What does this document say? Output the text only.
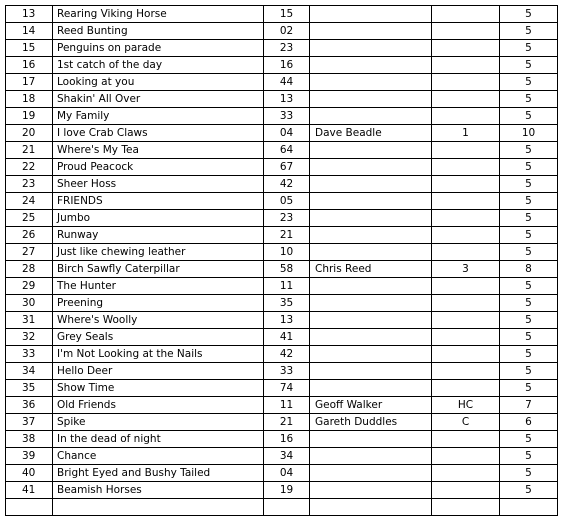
13	Rearing Viking Horse	15			5
14	Reed Bunting	02			5
15	Penguins on parade	23			5
16	1st catch of the day	16			5
17	Looking at you	44			5
18	Shakin' All Over	13			5
19	My Family	33			5
20	I love Crab Claws	04	Dave Beadle	1	10
21	Where's My Tea	64			5
22	Proud Peacock	67			5
23	Sheer Hoss	42			5
24	FRIENDS	05			5
25	Jumbo	23			5
26	Runway	21			5
27	Just like chewing leather	10			5
28	Birch Sawfly Caterpillar	58	Chris Reed	3	8
29	The Hunter	11			5
30	Preening	35			5
31	Where's Woolly	13			5
32	Grey Seals	41			5
33	I'm Not Looking at the Nails	42			5
34	Hello Deer	33			5
35	Show Time	74			5
36	Old Friends	11	Geoff Walker	HC	7
37	Spike	21	Gareth Duddles	C	6
38	In the dead of night	16			5
39	Chance	34			5
40	Bright Eyed and Bushy Tailed	04			5
41	Beamish Horses	19			5
